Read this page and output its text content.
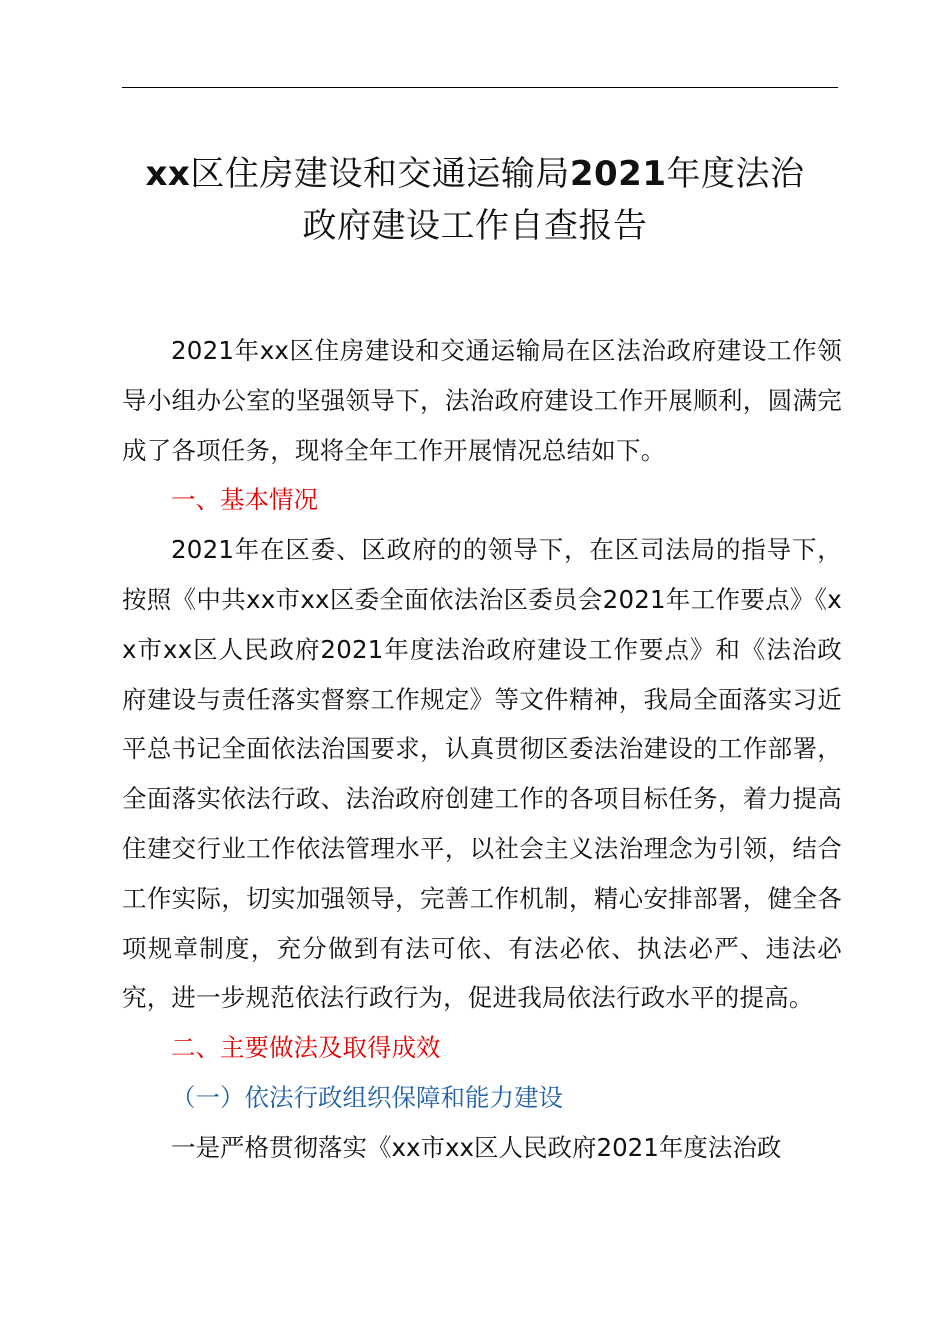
xx区住房建设和交通运输局2021年度法治
政府建设工作自查报告

2021年xx区住房建设和交通运输局在区法治政府建设工作领导小组办公室的坚强领导下，法治政府建设工作开展顺利，圆满完成了各项任务，现将全年工作开展情况总结如下。

一、基本情况

2021年在区委、区政府的的领导下，在区司法局的指导下，按照《中共xx市xx区委全面依法治区委员会2021年工作要点》《xx市xx区人民政府2021年度法治政府建设工作要点》和《法治政府建设与责任落实督察工作规定》等文件精神，我局全面落实习近平总书记全面依法治国要求，认真贯彻区委法治建设的工作部署，全面落实依法行政、法治政府创建工作的各项目标任务，着力提高住建交行业工作依法管理水平，以社会主义法治理念为引领，结合工作实际，切实加强领导，完善工作机制，精心安排部署，健全各项规章制度，充分做到有法可依、有法必依、执法必严、违法必究，进一步规范依法行政行为，促进我局依法行政水平的提高。

二、主要做法及取得成效

（一）依法行政组织保障和能力建设

一是严格贯彻落实《xx市xx区人民政府2021年度法治政
